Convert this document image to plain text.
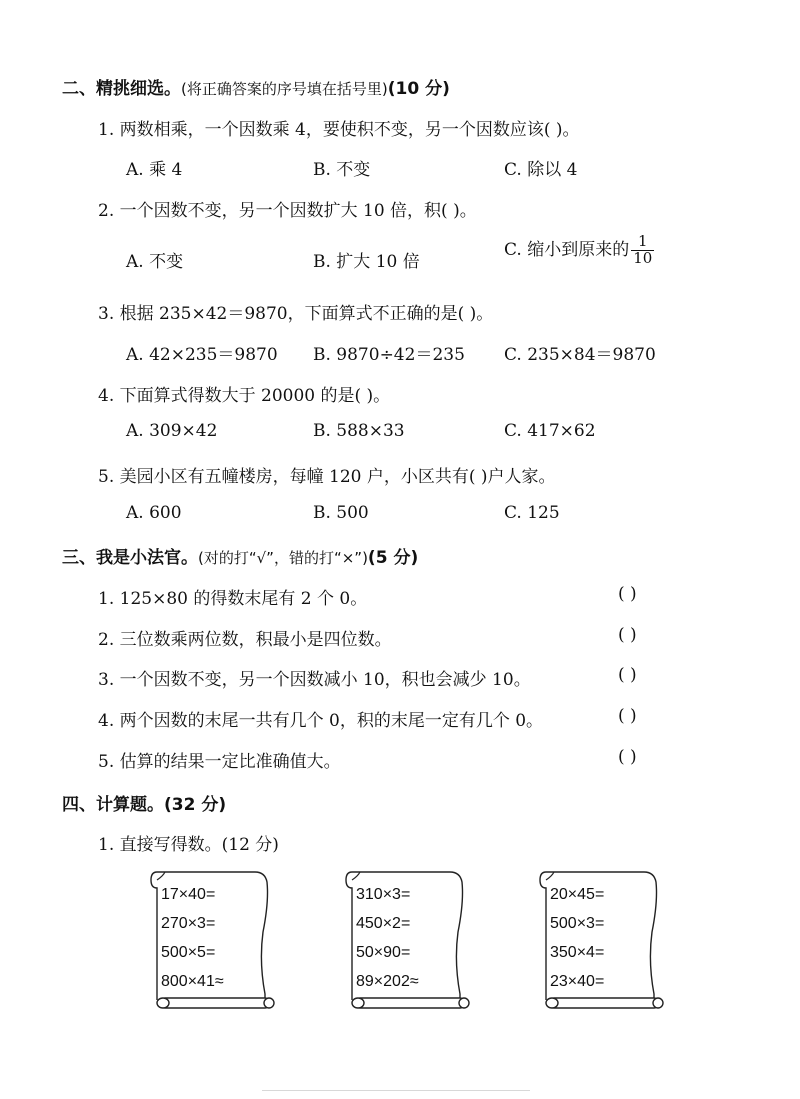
二、精挑细选。(将正确答案的序号填在括号里)(10 分)
1. 两数相乘，一个因数乘 4，要使积不变，另一个因数应该( )。
A. 乘 4	B. 不变	C. 除以 4
2. 一个因数不变，另一个因数扩大 10 倍，积( )。
A. 不变	B. 扩大 10 倍
C. 缩小到原来的 $\frac{1}{10}$
3. 根据 235×42＝9870，下面算式不正确的是( )。
A. 42×235＝9870 B. 9870÷42＝235 C. 235×84＝9870
4. 下面算式得数大于 20000 的是( )。
A. 309×42	B. 588×33	C. 417×62
5. 美园小区有五幢楼房，每幢 120 户，小区共有( )户人家。
A. 600	B. 500	C. 125
三、我是小法官。(对的打“√”，错的打“×”)(5 分)
1. 125×80 的得数末尾有 2 个 0。	( )
2. 三位数乘两位数，积最小是四位数。	( )
3. 一个因数不变，另一个因数减小 10，积也会减少 10。	( )
4. 两个因数的末尾一共有几个 0，积的末尾一定有几个 0。	( )
5. 估算的结果一定比准确值大。	( )
四、计算题。(32 分)
1. 直接写得数。(12 分)
17×40=
270×3=
500×5=
800×41≈
310×3=
450×2=
50×90=
89×202≈
20×45=
500×3=
350×4=
23×40=
